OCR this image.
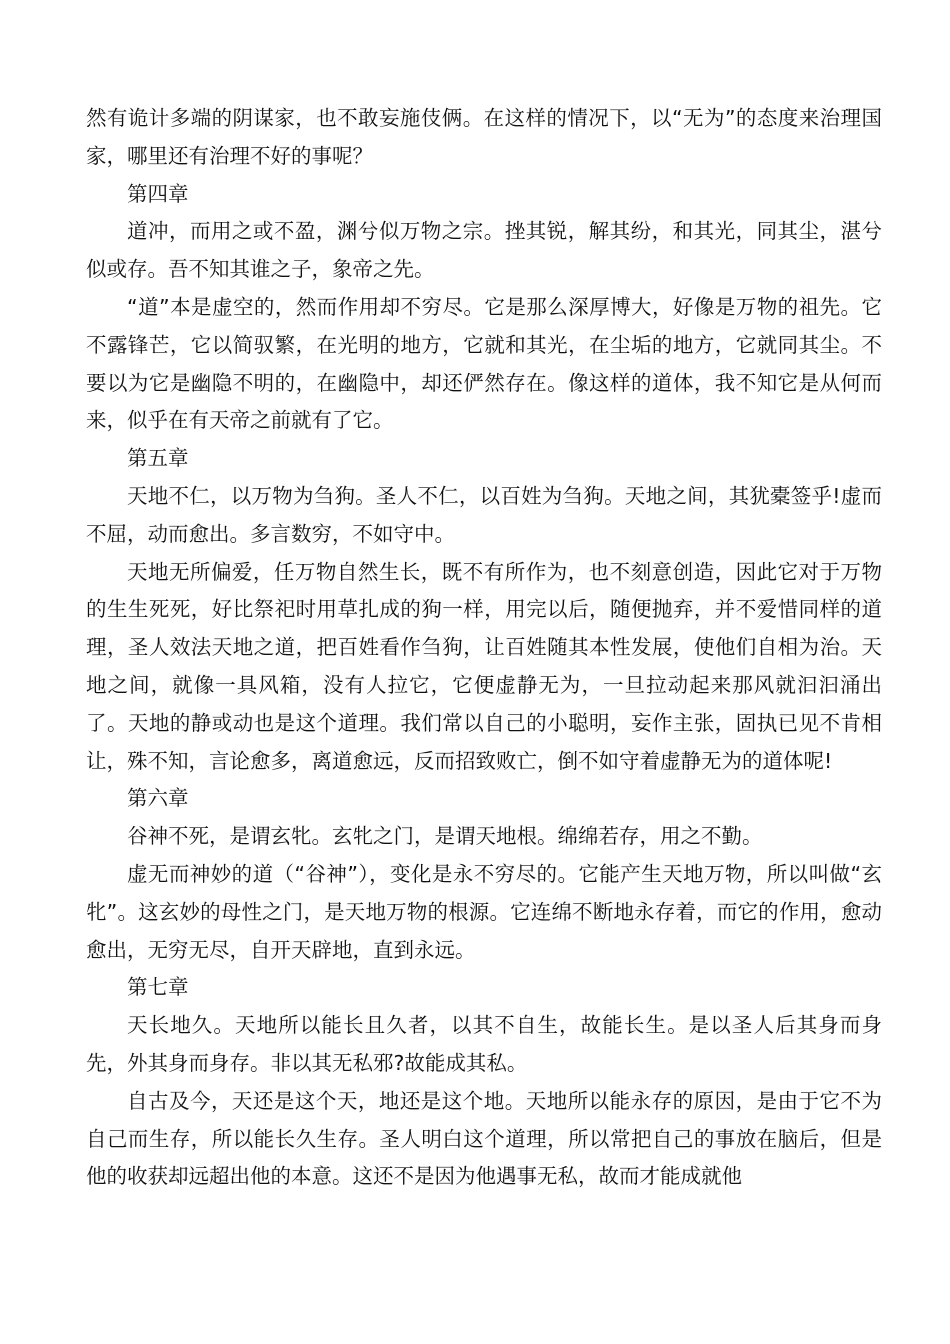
然有诡计多端的阴谋家，也不敢妄施伎俩。在这样的情况下，以“无为”的态度来治理国家，哪里还有治理不好的事呢？

第四章

道冲，而用之或不盈，渊兮似万物之宗。挫其锐，解其纷，和其光，同其尘，湛兮似或存。吾不知其谁之子，象帝之先。

“道”本是虚空的，然而作用却不穷尽。它是那么深厚博大，好像是万物的祖先。它不露锋芒，它以简驭繁，在光明的地方，它就和其光，在尘垢的地方，它就同其尘。不要以为它是幽隐不明的，在幽隐中，却还俨然存在。像这样的道体，我不知它是从何而来，似乎在有天帝之前就有了它。

第五章

天地不仁，以万物为刍狗。圣人不仁，以百姓为刍狗。天地之间，其犹橐签乎!虚而不屈，动而愈出。多言数穷，不如守中。

天地无所偏爱，任万物自然生长，既不有所作为，也不刻意创造，因此它对于万物的生生死死，好比祭祀时用草扎成的狗一样，用完以后，随便抛弃，并不爱惜同样的道理，圣人效法天地之道，把百姓看作刍狗，让百姓随其本性发展，使他们自相为治。天地之间，就像一具风箱，没有人拉它，它便虚静无为，一旦拉动起来那风就汩汩涌出了。天地的静或动也是这个道理。我们常以自己的小聪明，妄作主张，固执已见不肯相让，殊不知，言论愈多，离道愈远，反而招致败亡，倒不如守着虚静无为的道体呢!

第六章

谷神不死，是谓玄牝。玄牝之门，是谓天地根。绵绵若存，用之不勤。

虚无而神妙的道（“谷神”），变化是永不穷尽的。它能产生天地万物，所以叫做“玄牝”。这玄妙的母性之门，是天地万物的根源。它连绵不断地永存着，而它的作用，愈动愈出，无穷无尽，自开天辟地，直到永远。

第七章

天长地久。天地所以能长且久者，以其不自生，故能长生。是以圣人后其身而身先，外其身而身存。非以其无私邪?故能成其私。

自古及今，天还是这个天，地还是这个地。天地所以能永存的原因，是由于它不为自己而生存，所以能长久生存。圣人明白这个道理，所以常把自己的事放在脑后，但是他的收获却远超出他的本意。这还不是因为他遇事无私，故而才能成就他
